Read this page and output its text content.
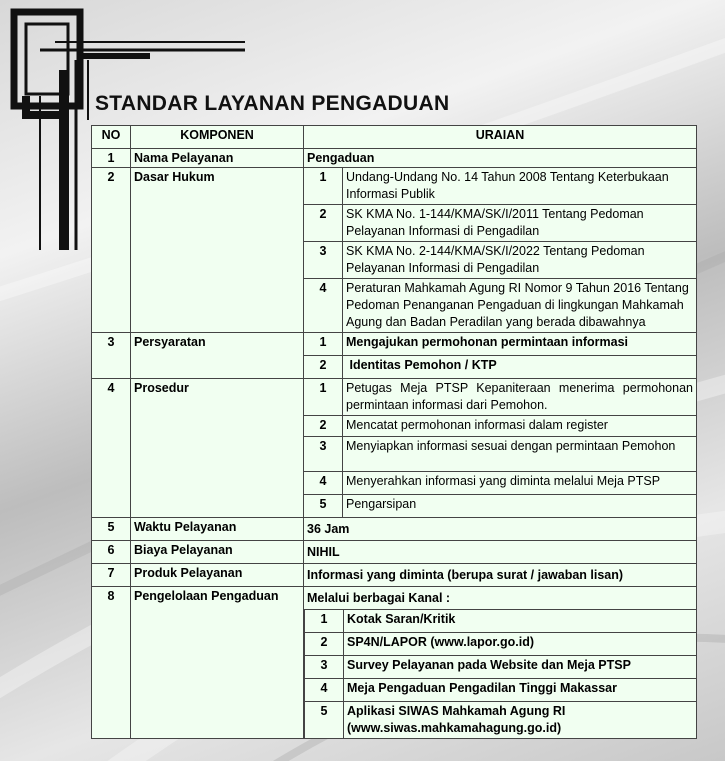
STANDAR LAYANAN PENGADUAN
NO	KOMPONEN	URAIAN
1	Nama Pelayanan	Pengaduan

2	Dasar Hukum		1	Undang-Undang No. 14 Tahun 2008 Tentang Keterbukaan Informasi Publik
2	SK KMA No. 1-144/KMA/SK/I/2011 Tentang Pedoman Pelayanan Informasi di Pengadilan
3	SK KMA No. 2-144/KMA/SK/I/2022 Tentang Pedoman Pelayanan Informasi di Pengadilan
4	Peraturan Mahkamah Agung RI Nomor 9 Tahun 2016 Tentang Pedoman Penanganan Pengaduan di lingkungan Mahkamah Agung dan Badan Peradilan yang berada dibawahnya

3	Persyaratan		1	Mengajukan permohonan permintaan informasi
2	Identitas Pemohon / KTP

4	Prosedur		1	Petugas Meja PTSP Kepaniteraan menerima permohonan permintaan informasi dari Pemohon.
2	Mencatat permohonan informasi dalam register
3	Menyiapkan informasi sesuai dengan permintaan Pemohon
4	Menyerahkan informasi yang diminta melalui Meja PTSP
5	Pengarsipan

5	Waktu Pelayanan	36 Jam

6	Biaya Pelayanan	NIHIL

7	Produk Pelayanan	Informasi yang diminta (berupa surat / jawaban lisan)

8	Pengelolaan Pengaduan	Melalui berbagai Kanal :
1	Kotak Saran/Kritik
2	SP4N/LAPOR (www.lapor.go.id)
3	Survey Pelayanan pada Website dan Meja PTSP
4	Meja Pengaduan Pengadilan Tinggi Makassar
5	Aplikasi SIWAS Mahkamah Agung RI (www.siwas.mahkamahagung.go.id)
